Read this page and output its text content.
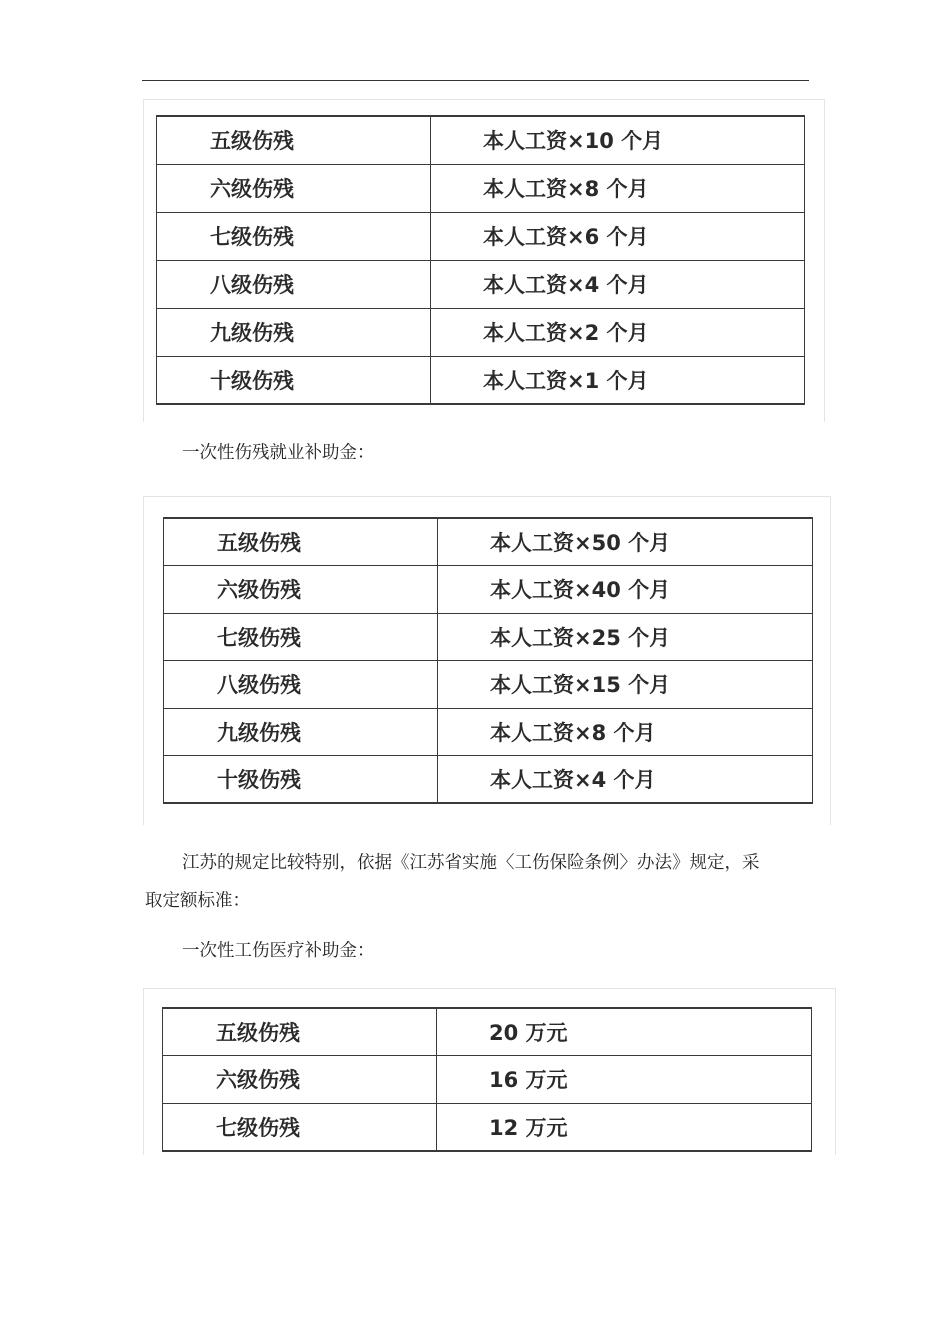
五级伤残	本人工资×10 个月
六级伤残	本人工资×8 个月
七级伤残	本人工资×6 个月
八级伤残	本人工资×4 个月
九级伤残	本人工资×2 个月
十级伤残	本人工资×1 个月

一次性伤残就业补助金：

五级伤残	本人工资×50 个月
六级伤残	本人工资×40 个月
七级伤残	本人工资×25 个月
八级伤残	本人工资×15 个月
九级伤残	本人工资×8 个月
十级伤残	本人工资×4 个月

江苏的规定比较特别，依据《江苏省实施〈工伤保险条例〉办法》规定，采

取定额标准：

一次性工伤医疗补助金：

五级伤残	20 万元
六级伤残	16 万元
七级伤残	12 万元
